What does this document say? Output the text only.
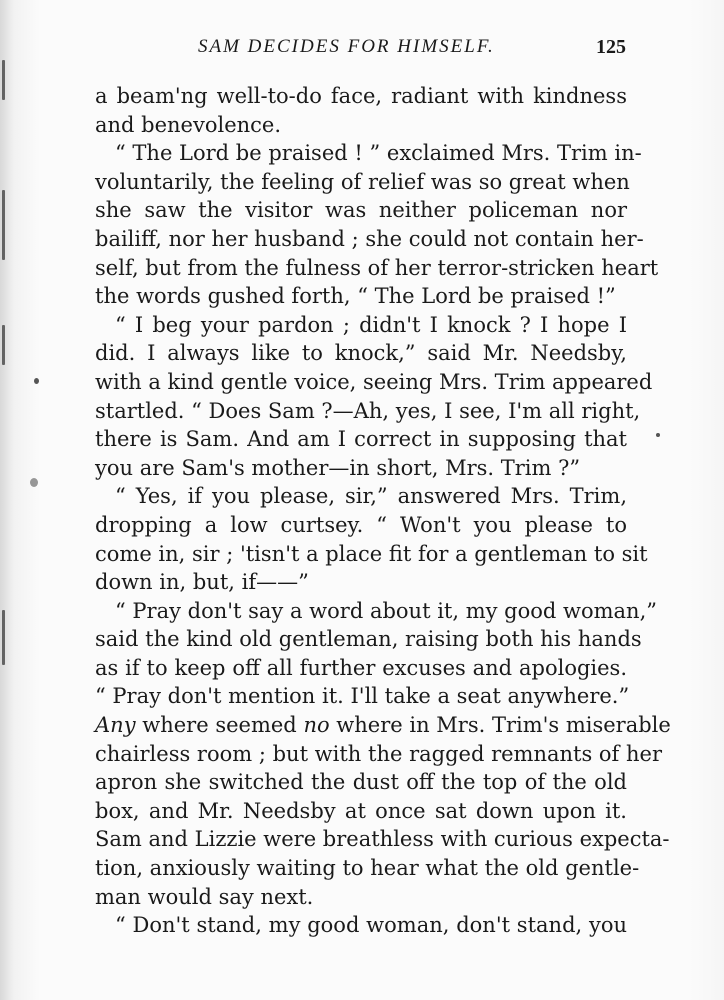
SAM DECIDES FOR HIMSELF.	125
a beam'ng well-to-do face, radiant with kindness
and benevolence.
“ The Lord be praised ! ” exclaimed Mrs. Trim in-
voluntarily, the feeling of relief was so great when
she saw the visitor was neither policeman nor
bailiff, nor her husband ; she could not contain her-
self, but from the fulness of her terror-stricken heart
the words gushed forth, “ The Lord be praised !”
“ I beg your pardon ; didn't I knock ? I hope I
did. I always like to knock,” said Mr. Needsby,
with a kind gentle voice, seeing Mrs. Trim appeared
startled. “ Does Sam ?—Ah, yes, I see, I'm all right,
there is Sam. And am I correct in supposing that
you are Sam's mother—in short, Mrs. Trim ?”
“ Yes, if you please, sir,” answered Mrs. Trim,
dropping a low curtsey. “ Won't you please to
come in, sir ; 'tisn't a place fit for a gentleman to sit
down in, but, if——”
“ Pray don't say a word about it, my good woman,”
said the kind old gentleman, raising both his hands
as if to keep off all further excuses and apologies.
“ Pray don't mention it. I'll take a seat anywhere.”
Any where seemed no where in Mrs. Trim's miserable
chairless room ; but with the ragged remnants of her
apron she switched the dust off the top of the old
box, and Mr. Needsby at once sat down upon it.
Sam and Lizzie were breathless with curious expecta-
tion, anxiously waiting to hear what the old gentle-
man would say next.
“ Don't stand, my good woman, don't stand, you
